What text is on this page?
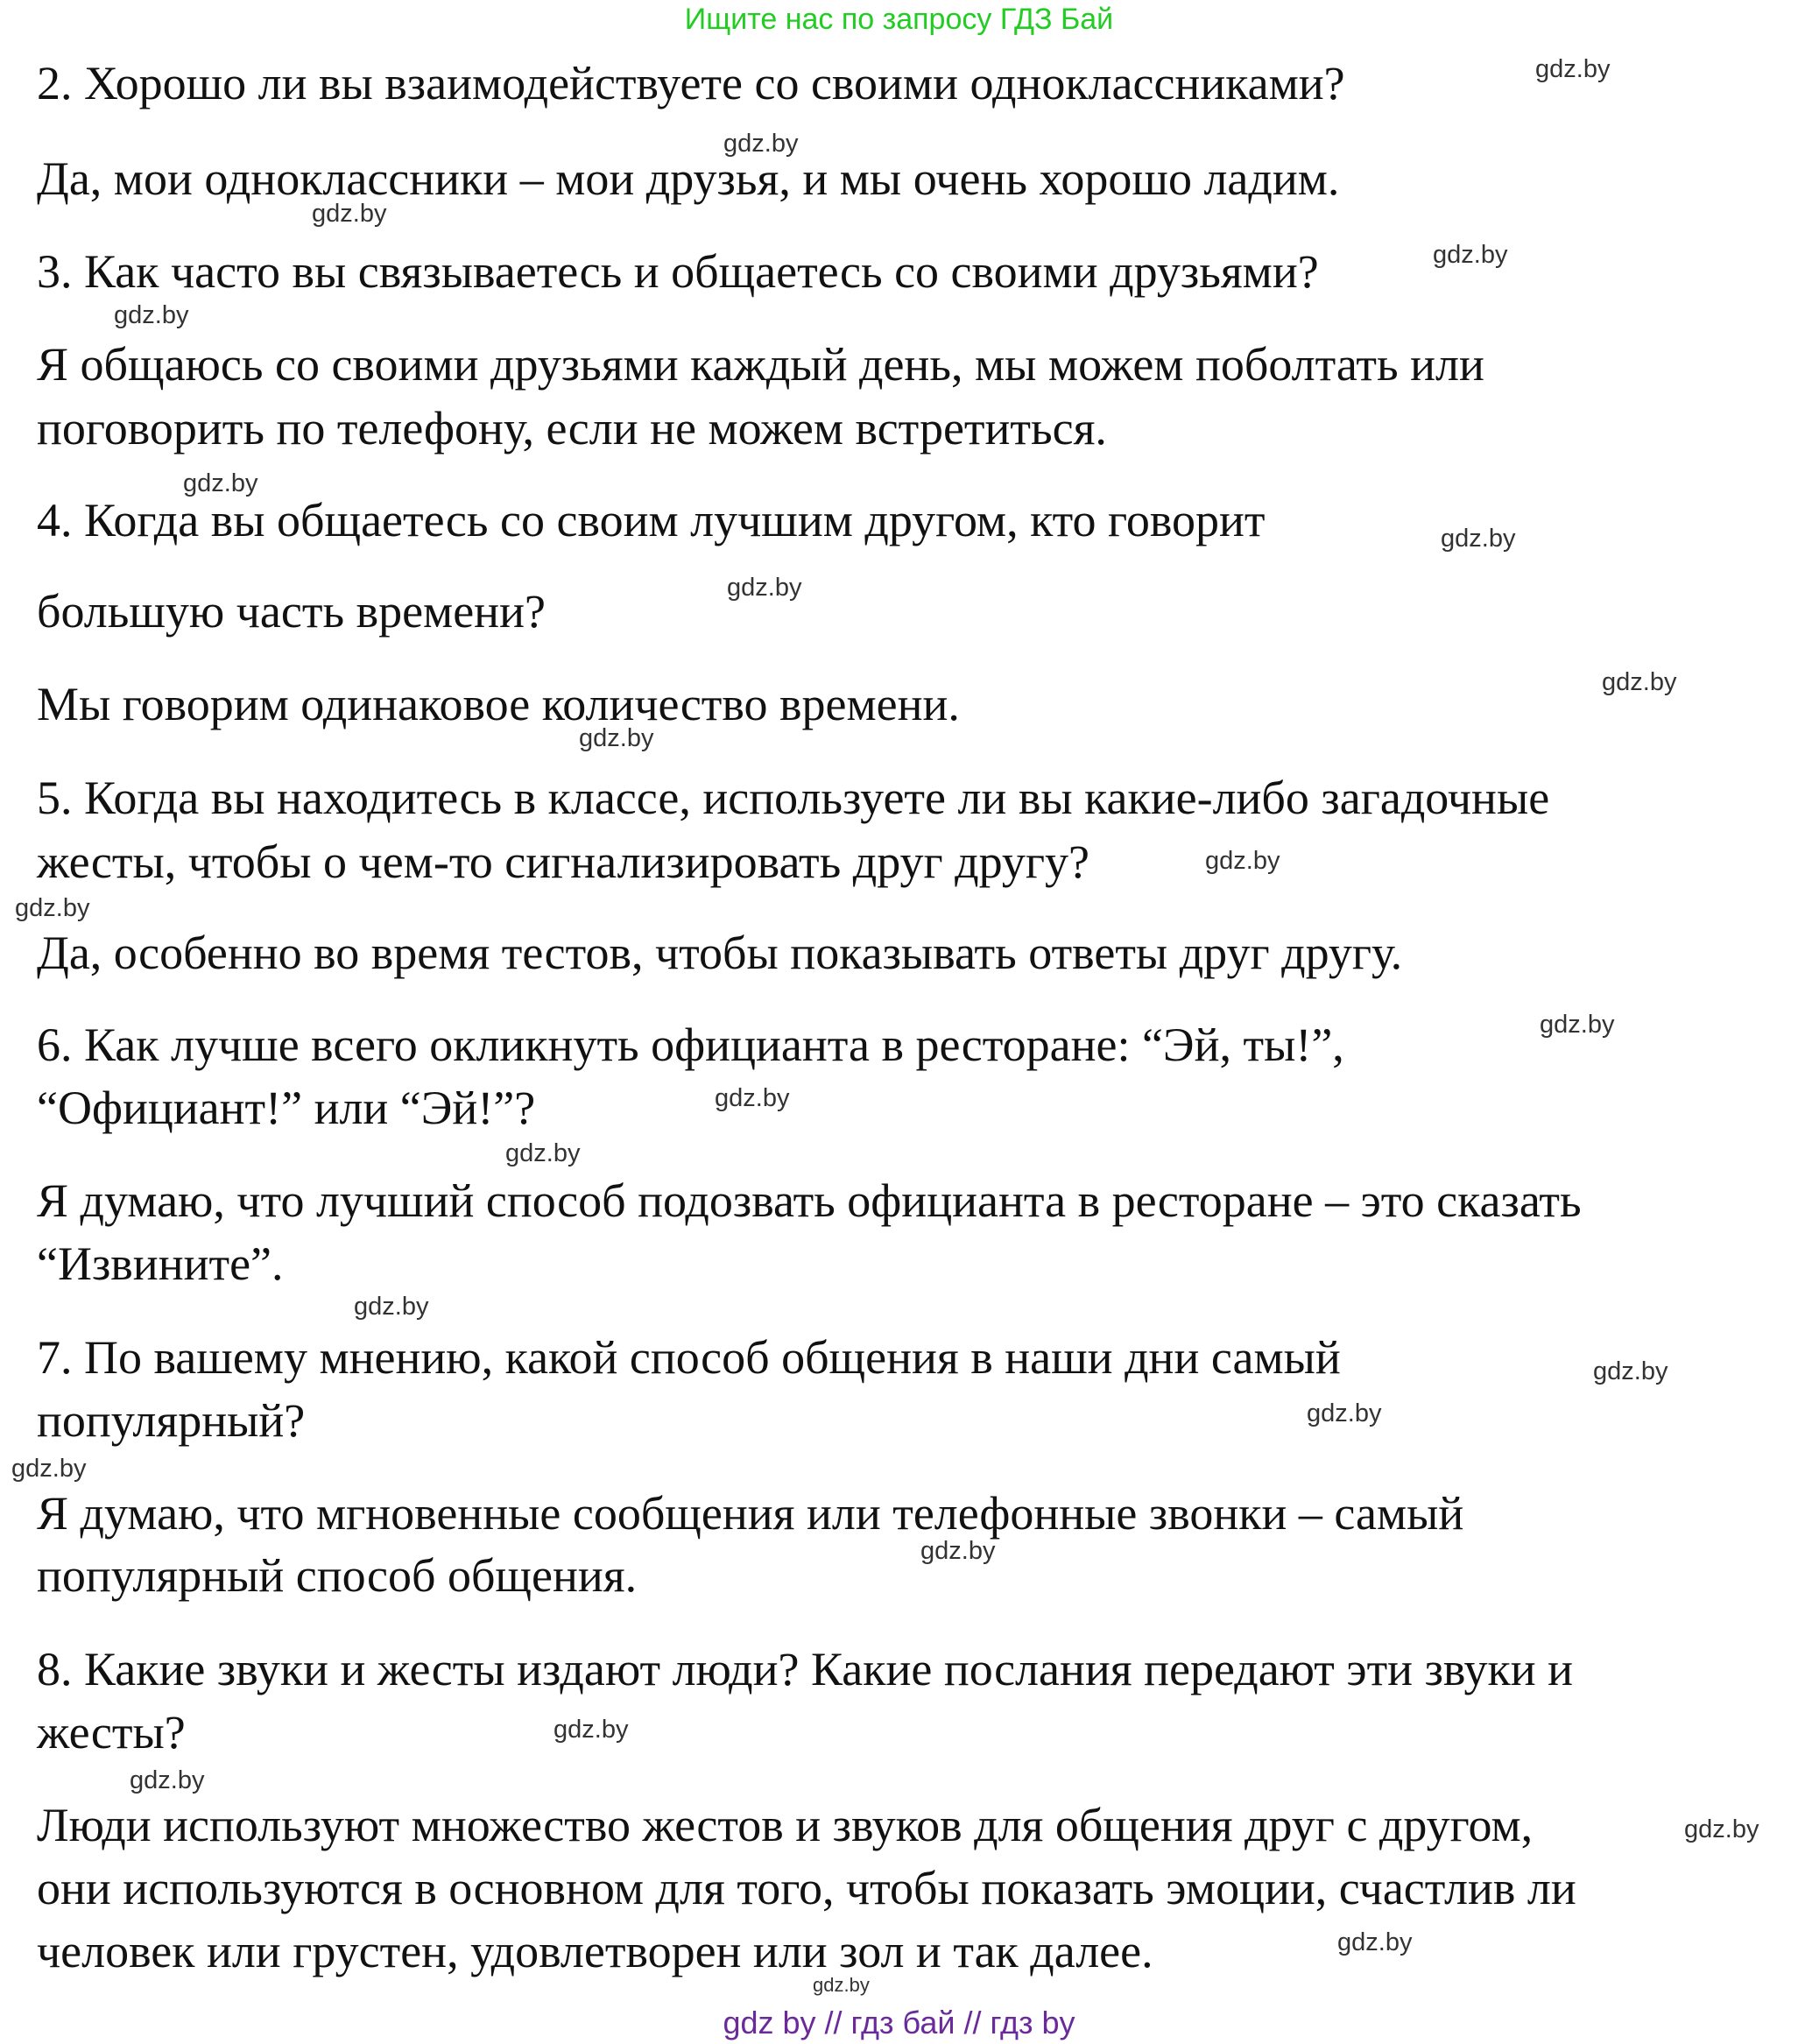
Ищите нас по запросу ГДЗ Бай
2. Хорошо ли вы взаимодействуете со своими одноклассниками?
Да, мои одноклассники – мои друзья, и мы очень хорошо ладим.
3. Как часто вы связываетесь и общаетесь со своими друзьями?
Я общаюсь со своими друзьями каждый день, мы можем поболтать или
поговорить по телефону, если не можем встретиться.
4. Когда вы общаетесь со своим лучшим другом, кто говорит
большую часть времени?
Мы говорим одинаковое количество времени.
5. Когда вы находитесь в классе, используете ли вы какие-либо загадочные
жесты, чтобы о чем-то сигнализировать друг другу?
Да, особенно во время тестов, чтобы показывать ответы друг другу.
6. Как лучше всего окликнуть официанта в ресторане: “Эй, ты!”,
“Официант!” или “Эй!”?
Я думаю, что лучший способ подозвать официанта в ресторане – это сказать
“Извините”.
7. По вашему мнению, какой способ общения в наши дни самый
популярный?
Я думаю, что мгновенные сообщения или телефонные звонки – самый
популярный способ общения.
8. Какие звуки и жесты издают люди? Какие послания передают эти звуки и
жесты?
Люди используют множество жестов и звуков для общения друг с другом,
они используются в основном для того, чтобы показать эмоции, счастлив ли
человек или грустен, удовлетворен или зол и так далее.
gdz.by
gdz.by
gdz.by
gdz.by
gdz.by
gdz.by
gdz.by
gdz.by
gdz.by
gdz.by
gdz.by
gdz.by
gdz.by
gdz.by
gdz.by
gdz.by
gdz.by
gdz.by
gdz.by
gdz.by
gdz.by
gdz.by
gdz.by
gdz.by
gdz.by
gdz by // гдз бай // гдз by
